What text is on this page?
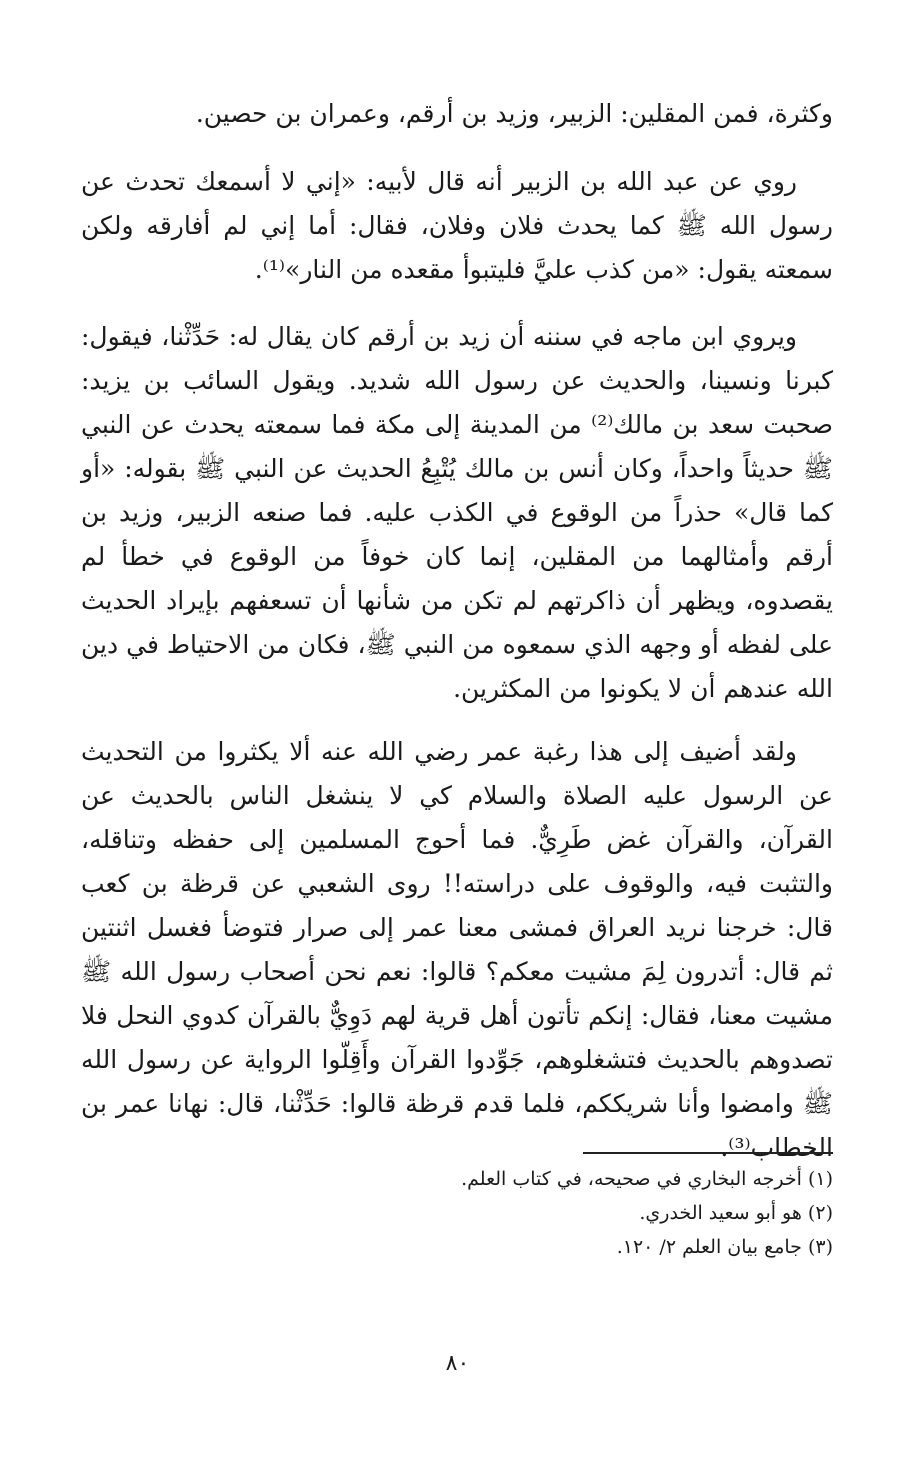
وكثرة، فمن المقلين: الزبير، وزيد بن أرقم، وعمران بن حصين.

روي عن عبد الله بن الزبير أنه قال لأبيه: «إني لا أسمعك تحدث عن رسول الله ﷺ كما يحدث فلان وفلان، فقال: أما إني لم أفارقه ولكن سمعته يقول: «من كذب عليَّ فليتبوأ مقعده من النار»⁽¹⁾.

ويروي ابن ماجه في سننه أن زيد بن أرقم كان يقال له: حَدِّثْنا، فيقول: كبرنا ونسينا، والحديث عن رسول الله شديد. ويقول السائب بن يزيد: صحبت سعد بن مالك⁽²⁾ من المدينة إلى مكة فما سمعته يحدث عن النبي ﷺ حديثاً واحداً، وكان أنس بن مالك يُتْبِعُ الحديث عن النبي ﷺ بقوله: «أو كما قال» حذراً من الوقوع في الكذب عليه. فما صنعه الزبير، وزيد بن أرقم وأمثالهما من المقلين، إنما كان خوفاً من الوقوع في خطأ لم يقصدوه، ويظهر أن ذاكرتهم لم تكن من شأنها أن تسعفهم بإيراد الحديث على لفظه أو وجهه الذي سمعوه من النبي ﷺ، فكان من الاحتياط في دين الله عندهم أن لا يكونوا من المكثرين.

ولقد أضيف إلى هذا رغبة عمر رضي الله عنه ألا يكثروا من التحديث عن الرسول عليه الصلاة والسلام كي لا ينشغل الناس بالحديث عن القرآن، والقرآن غض طَرِيٌّ. فما أحوج المسلمين إلى حفظه وتناقله، والتثبت فيه، والوقوف على دراسته!! روى الشعبي عن قرظة بن كعب قال: خرجنا نريد العراق فمشى معنا عمر إلى صرار فتوضأ فغسل اثنتين ثم قال: أتدرون لِمَ مشيت معكم؟ قالوا: نعم نحن أصحاب رسول الله ﷺ مشيت معنا، فقال: إنكم تأتون أهل قرية لهم دَوِيٌّ بالقرآن كدوي النحل فلا تصدوهم بالحديث فتشغلوهم، جَوِّدوا القرآن وأَقِلّوا الرواية عن رسول الله ﷺ وامضوا وأنا شريككم، فلما قدم قرظة قالوا: حَدِّثْنا، قال: نهانا عمر بن الخطاب⁽³⁾.

(١) أخرجه البخاري في صحيحه، في كتاب العلم.

(٢) هو أبو سعيد الخدري.

(٣) جامع بيان العلم ٢/ ١٢٠.

٨٠
